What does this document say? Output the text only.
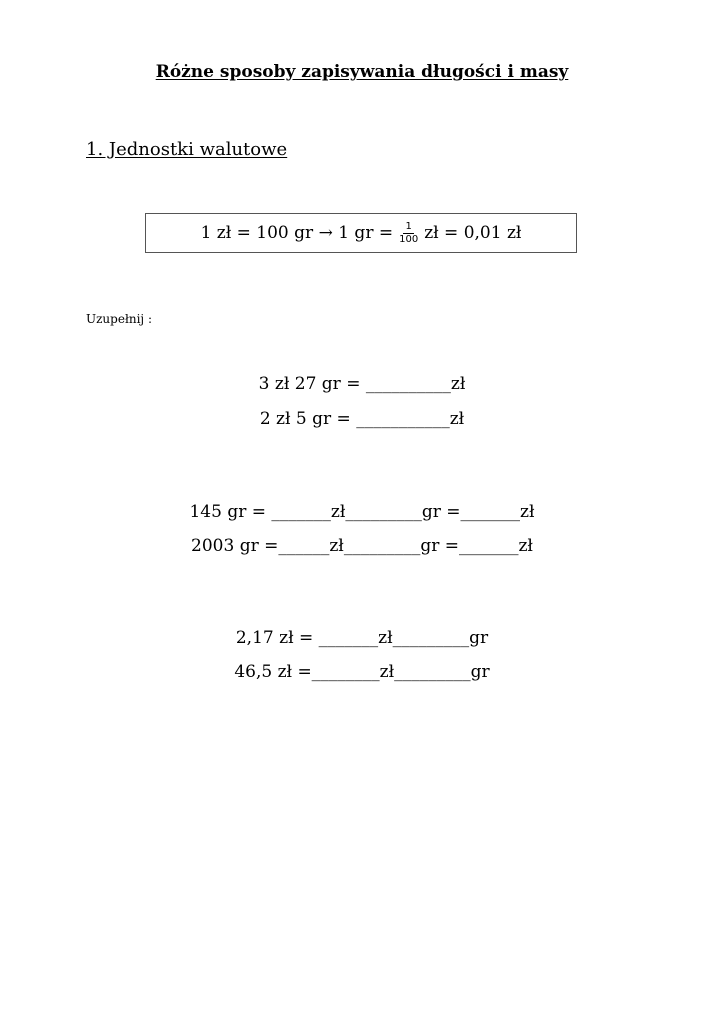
Różne sposoby zapisywania długości i masy
1. Jednostki walutowe
1 zł = 100 gr → 1 gr = $\frac{1}{100}$ zł = 0,01 zł
Uzupełnij :
3 zł 27 gr = __________zł
2 zł 5 gr = ___________zł
145 gr = _______zł_________gr =_______zł
2003 gr =______zł_________gr =_______zł
2,17 zł = _______zł_________gr
46,5 zł =________zł_________gr
